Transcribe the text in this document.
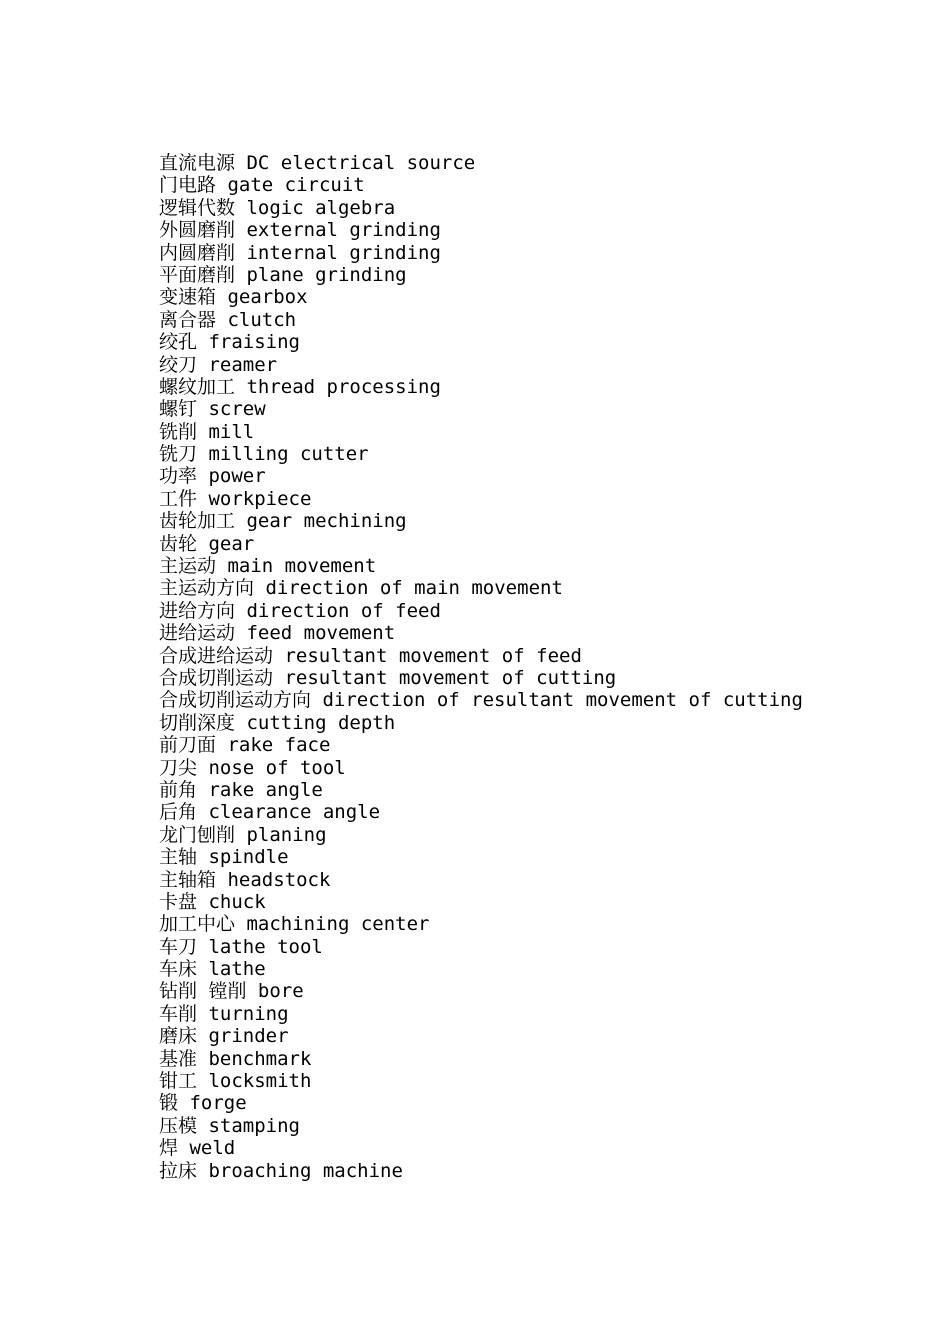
直流电源 DC electrical source
门电路 gate circuit
逻辑代数 logic algebra
外圆磨削 external grinding
内圆磨削 internal grinding
平面磨削 plane grinding
变速箱 gearbox
离合器 clutch
绞孔 fraising
绞刀 reamer
螺纹加工 thread processing
螺钉 screw
铣削 mill
铣刀 milling cutter
功率 power
工件 workpiece
齿轮加工 gear mechining
齿轮 gear
主运动 main movement
主运动方向 direction of main movement
进给方向 direction of feed
进给运动 feed movement
合成进给运动 resultant movement of feed
合成切削运动 resultant movement of cutting
合成切削运动方向 direction of resultant movement of cutting
切削深度 cutting depth
前刀面 rake face
刀尖 nose of tool
前角 rake angle
后角 clearance angle
龙门刨削 planing
主轴 spindle
主轴箱 headstock
卡盘 chuck
加工中心 machining center
车刀 lathe tool
车床 lathe
钻削 镗削 bore
车削 turning
磨床 grinder
基准 benchmark
钳工 locksmith
锻 forge
压模 stamping
焊 weld
拉床 broaching machine
